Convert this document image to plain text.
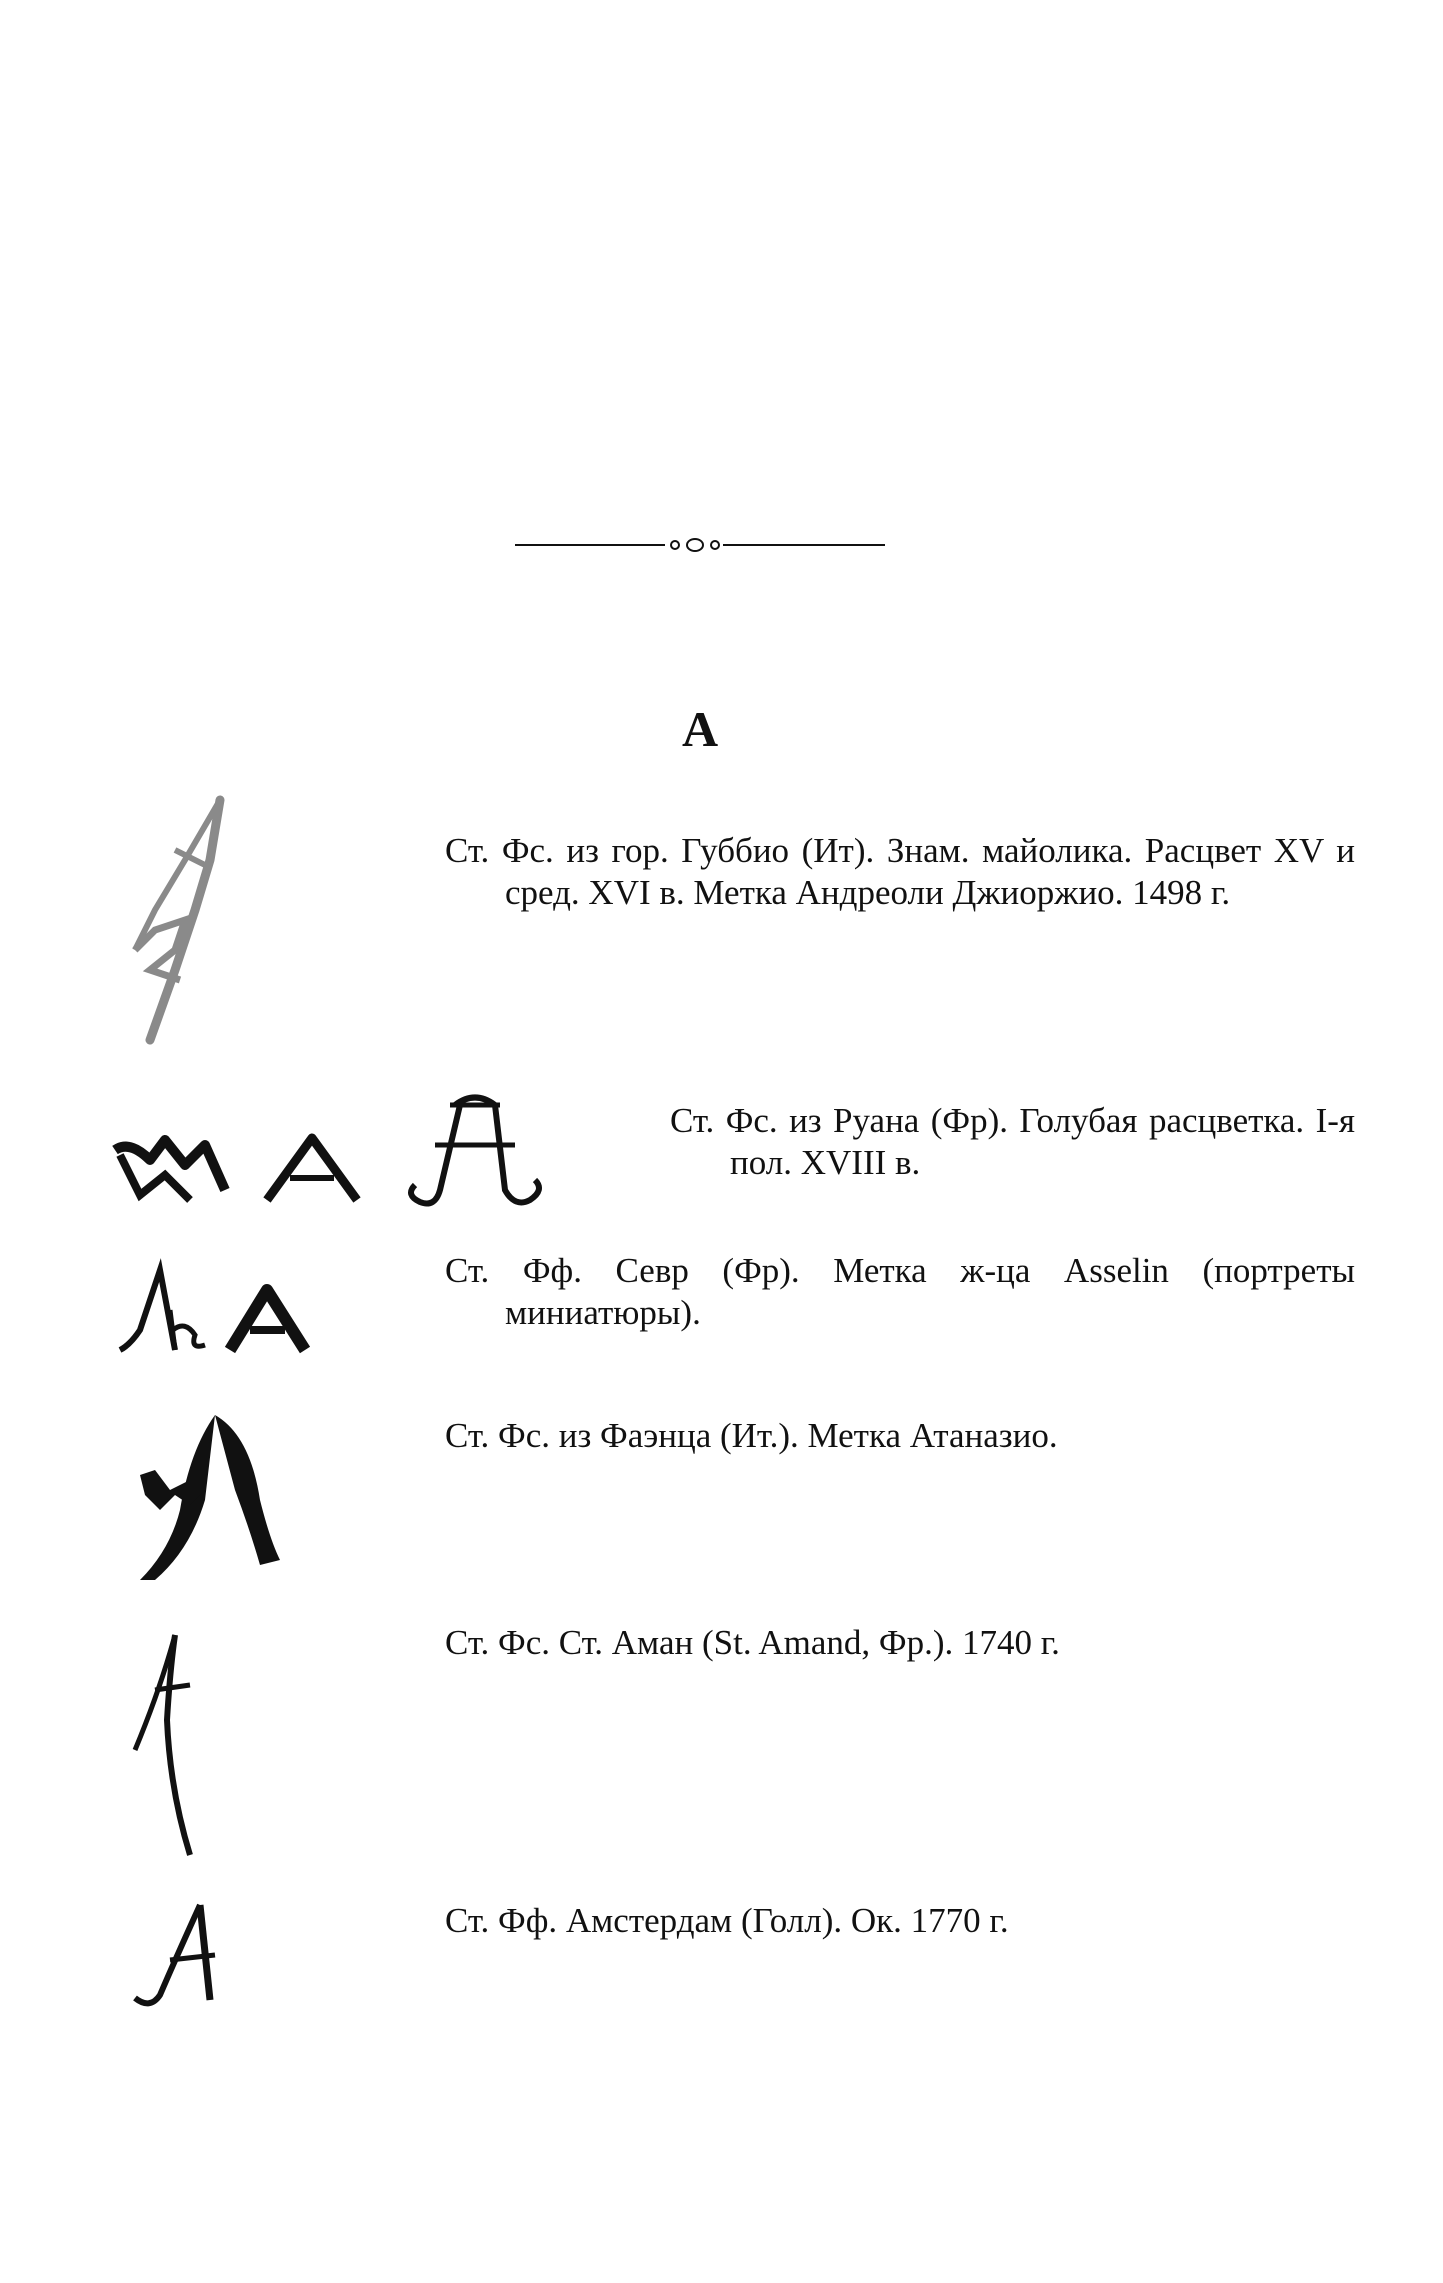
А
Ст. Фс. из гор. Губбио (Ит). Знам. майолика. Расцвет XV и сред. XVI в. Метка Андреоли Джиоржио. 1498 г.
Ст. Фс. из Руана (Фр). Голубая расцветка. I-я пол. XVIII в.
Ст. Фф. Севр (Фр). Метка ж-ца Asselin (портреты миниатюры).
Ст. Фс. из Фаэнца (Ит.). Метка Атаназио.
Ст. Фс. Ст. Аман (St. Amand, Фр.). 1740 г.
Ст. Фф. Амстердам (Голл). Ок. 1770 г.
